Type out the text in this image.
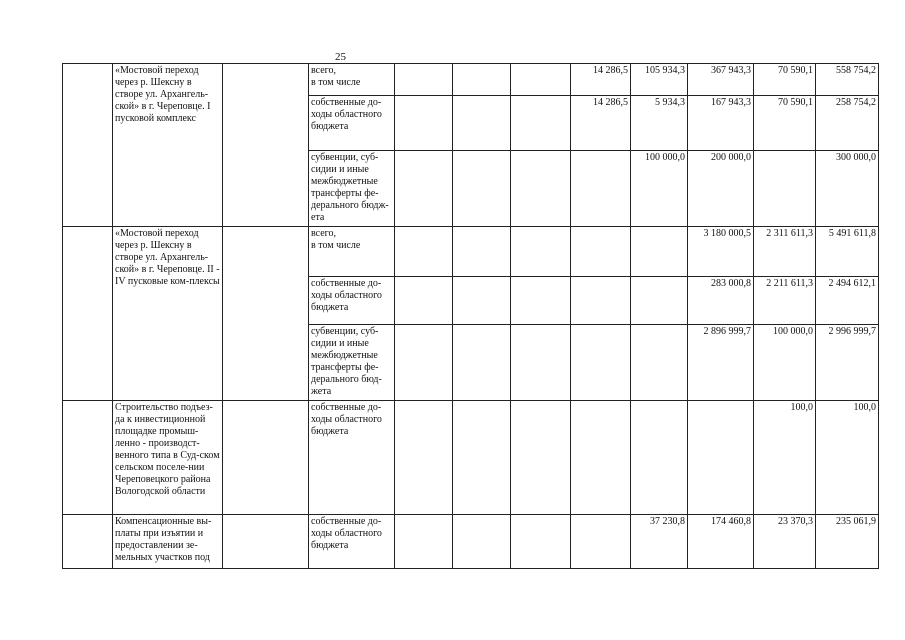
25
	«Мостовой переход через р. Шексну в створе ул. Архангель-ской» в г. Череповце. I пусковой комплекс		всего,
в том числе				14 286,5	105 934,3	367 943,3	70 590,1	558 754,2
			собственные до-ходы областного бюджета				14 286,5	5 934,3	167 943,3	70 590,1	258 754,2
			субвенции, суб-сидии и иные межбюджетные трансферты фе-дерального бюдж-ета					100 000,0	200 000,0		300 000,0
	«Мостовой переход через р. Шексну в створе ул. Архангель-ской» в г. Череповце. II - IV пусковые ком-плексы		всего,
в том числе						3 180 000,5	2 311 611,3	5 491 611,8
			собственные до-ходы областного бюджета						283 000,8	2 211 611,3	2 494 612,1
			субвенции, суб-сидии и иные межбюджетные трансферты фе-дерального бюд-жета						2 896 999,7	100 000,0	2 996 999,7
	Строительство подъез-да к инвестиционной площадке промыш-ленно - производст-венного типа в Суд-ском сельском поселе-нии Череповецкого района Вологодской области		собственные до-ходы областного бюджета							100,0	100,0
	Компенсационные вы-платы при изъятии и предоставлении зе-мельных участков под		собственные до-ходы областного бюджета					37 230,8	174 460,8	23 370,3	235 061,9
